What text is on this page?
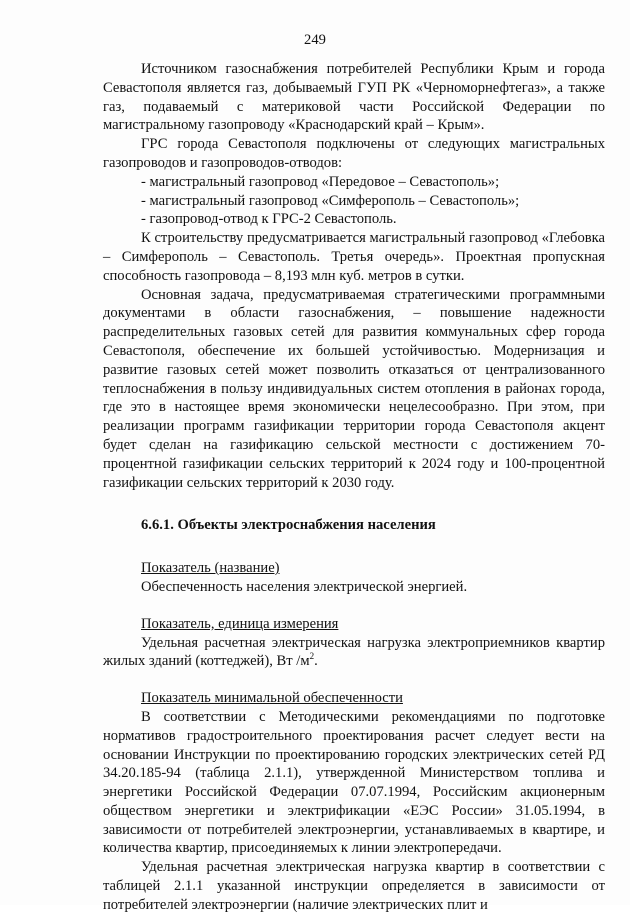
249

Источником газоснабжения потребителей Республики Крым и города Севастополя является газ, добываемый ГУП РК «Черноморнефтегаз», а также газ, подаваемый с материковой части Российской Федерации по магистральному газопроводу «Краснодарский край – Крым».

ГРС города Севастополя подключены от следующих магистральных газопроводов и газопроводов-отводов:

- магистральный газопровод «Передовое – Севастополь»;

- магистральный газопровод «Симферополь – Севастополь»;

- газопровод-отвод к ГРС-2 Севастополь.

К строительству предусматривается магистральный газопровод «Глебовка – Симферополь – Севастополь. Третья очередь». Проектная пропускная способность газопровода – 8,193 млн куб. метров в сутки.

Основная задача, предусматриваемая стратегическими программными документами в области газоснабжения, – повышение надежности распределительных газовых сетей для развития коммунальных сфер города Севастополя, обеспечение их большей устойчивостью. Модернизация и развитие газовых сетей может позволить отказаться от централизованного теплоснабжения в пользу индивидуальных систем отопления в районах города, где это в настоящее время экономически нецелесообразно. При этом, при реализации программ газификации территории города Севастополя акцент будет сделан на газификацию сельской местности с достижением 70-процентной газификации сельских территорий к 2024 году и 100-процентной газификации сельских территорий к 2030 году.

6.6.1. Объекты электроснабжения населения

Показатель (название)

Обеспеченность населения электрической энергией.

Показатель, единица измерения

Удельная расчетная электрическая нагрузка электроприемников квартир жилых зданий (коттеджей), Вт $/м^2$.

Показатель минимальной обеспеченности

В соответствии с Методическими рекомендациями по подготовке нормативов градостроительного проектирования расчет следует вести на основании Инструкции по проектированию городских электрических сетей РД 34.20.185-94 (таблица 2.1.1), утвержденной Министерством топлива и энергетики Российской Федерации 07.07.1994, Российским акционерным обществом энергетики и электрификации «ЕЭС России» 31.05.1994, в зависимости от потребителей электроэнергии, устанавливаемых в квартире, и количества квартир, присоединяемых к линии электропередачи.

Удельная расчетная электрическая нагрузка квартир в соответствии с таблицей 2.1.1 указанной инструкции определяется в зависимости от потребителей электроэнергии (наличие электрических плит и
